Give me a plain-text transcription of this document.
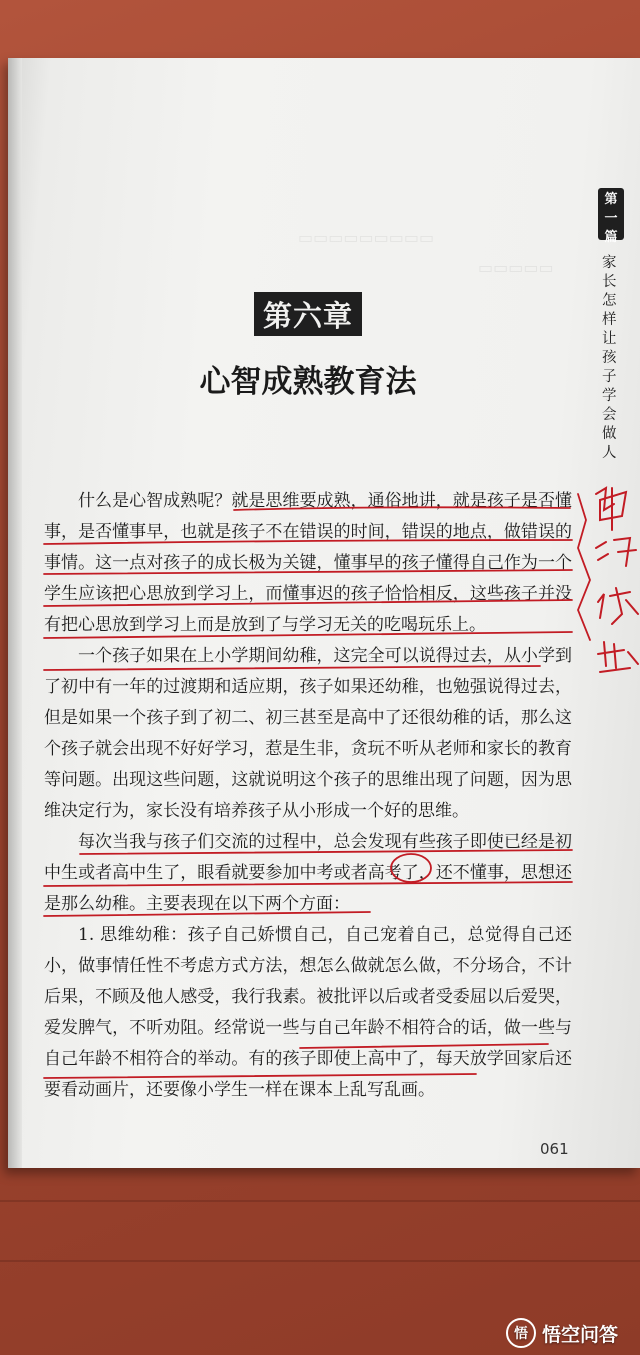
▭▭▭▭▭▭▭▭▭
▭▭▭▭▭
第六章
心智成熟教育法
第
一
篇
家长怎样让孩子学会做人

什么是心智成熟呢？就是思维要成熟，通俗地讲，就是孩子是否懂事，是否懂事早，也就是孩子不在错误的时间，错误的地点，做错误的事情。这一点对孩子的成长极为关键，懂事早的孩子懂得自己作为一个学生应该把心思放到学习上，而懂事迟的孩子恰恰相反，这些孩子并没有把心思放到学习上而是放到了与学习无关的吃喝玩乐上。

一个孩子如果在上小学期间幼稚，这完全可以说得过去，从小学到了初中有一年的过渡期和适应期，孩子如果还幼稚，也勉强说得过去，但是如果一个孩子到了初二、初三甚至是高中了还很幼稚的话，那么这个孩子就会出现不好好学习，惹是生非，贪玩不听从老师和家长的教育等问题。出现这些问题，这就说明这个孩子的思维出现了问题，因为思维决定行为，家长没有培养孩子从小形成一个好的思维。

每次当我与孩子们交流的过程中，总会发现有些孩子即使已经是初中生或者高中生了，眼看就要参加中考或者高考了，还不懂事，思想还是那么幼稚。主要表现在以下两个方面：

1. 思维幼稚：孩子自己娇惯自己，自己宠着自己，总觉得自己还小，做事情任性不考虑方式方法，想怎么做就怎么做，不分场合，不计后果，不顾及他人感受，我行我素。被批评以后或者受委屈以后爱哭，爱发脾气，不听劝阻。经常说一些与自己年龄不相符合的话，做一些与自己年龄不相符合的举动。有的孩子即使上高中了，每天放学回家后还要看动画片，还要像小学生一样在课本上乱写乱画。

061
悟 悟空问答
